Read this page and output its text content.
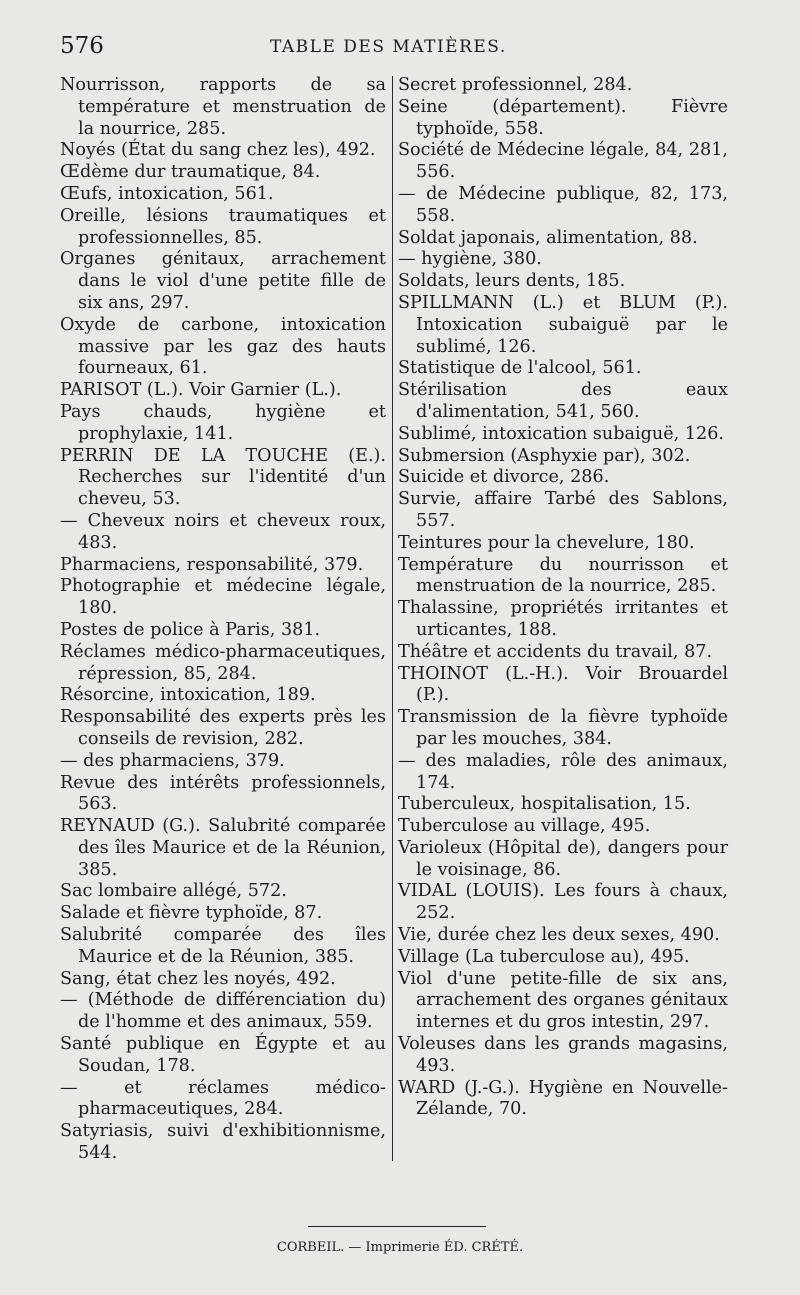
576	TABLE DES MATIÈRES.
Nourrisson, rapports de sa température et menstruation de la nourrice, 285.
Noyés (État du sang chez les), 492.
Œdème dur traumatique, 84.
Œufs, intoxication, 561.
Oreille, lésions traumatiques et professionnelles, 85.
Organes génitaux, arrachement dans le viol d'une petite fille de six ans, 297.
Oxyde de carbone, intoxication massive par les gaz des hauts fourneaux, 61.
PARISOT (L.). Voir Garnier (L.).
Pays chauds, hygiène et prophylaxie, 141.
PERRIN DE LA TOUCHE (E.). Recherches sur l'identité d'un cheveu, 53.
— Cheveux noirs et cheveux roux, 483.
Pharmaciens, responsabilité, 379.
Photographie et médecine légale, 180.
Postes de police à Paris, 381.
Réclames médico-pharmaceutiques, répression, 85, 284.
Résorcine, intoxication, 189.
Responsabilité des experts près les conseils de revision, 282.
— des pharmaciens, 379.
Revue des intérêts professionnels, 563.
REYNAUD (G.). Salubrité comparée des îles Maurice et de la Réunion, 385.
Sac lombaire allégé, 572.
Salade et fièvre typhoïde, 87.
Salubrité comparée des îles Maurice et de la Réunion, 385.
Sang, état chez les noyés, 492.
— (Méthode de différenciation du) de l'homme et des animaux, 559.
Santé publique en Égypte et au Soudan, 178.
— et réclames médico-pharmaceutiques, 284.
Satyriasis, suivi d'exhibitionnisme, 544.
Secret professionnel, 284.
Seine (département). Fièvre typhoïde, 558.
Société de Médecine légale, 84, 281, 556.
— de Médecine publique, 82, 173, 558.
Soldat japonais, alimentation, 88.
— hygiène, 380.
Soldats, leurs dents, 185.
SPILLMANN (L.) et BLUM (P.). Intoxication subaiguë par le sublimé, 126.
Statistique de l'alcool, 561.
Stérilisation des eaux d'alimentation, 541, 560.
Sublimé, intoxication subaiguë, 126.
Submersion (Asphyxie par), 302.
Suicide et divorce, 286.
Survie, affaire Tarbé des Sablons, 557.
Teintures pour la chevelure, 180.
Température du nourrisson et menstruation de la nourrice, 285.
Thalassine, propriétés irritantes et urticantes, 188.
Théâtre et accidents du travail, 87.
THOINOT (L.-H.). Voir Brouardel (P.).
Transmission de la fièvre typhoïde par les mouches, 384.
— des maladies, rôle des animaux, 174.
Tuberculeux, hospitalisation, 15.
Tuberculose au village, 495.
Varioleux (Hôpital de), dangers pour le voisinage, 86.
VIDAL (LOUIS). Les fours à chaux, 252.
Vie, durée chez les deux sexes, 490.
Village (La tuberculose au), 495.
Viol d'une petite-fille de six ans, arrachement des organes génitaux internes et du gros intestin, 297.
Voleuses dans les grands magasins, 493.
WARD (J.-G.). Hygiène en Nouvelle-Zélande, 70.
CORBEIL. — Imprimerie ÉD. CRÉTÉ.
